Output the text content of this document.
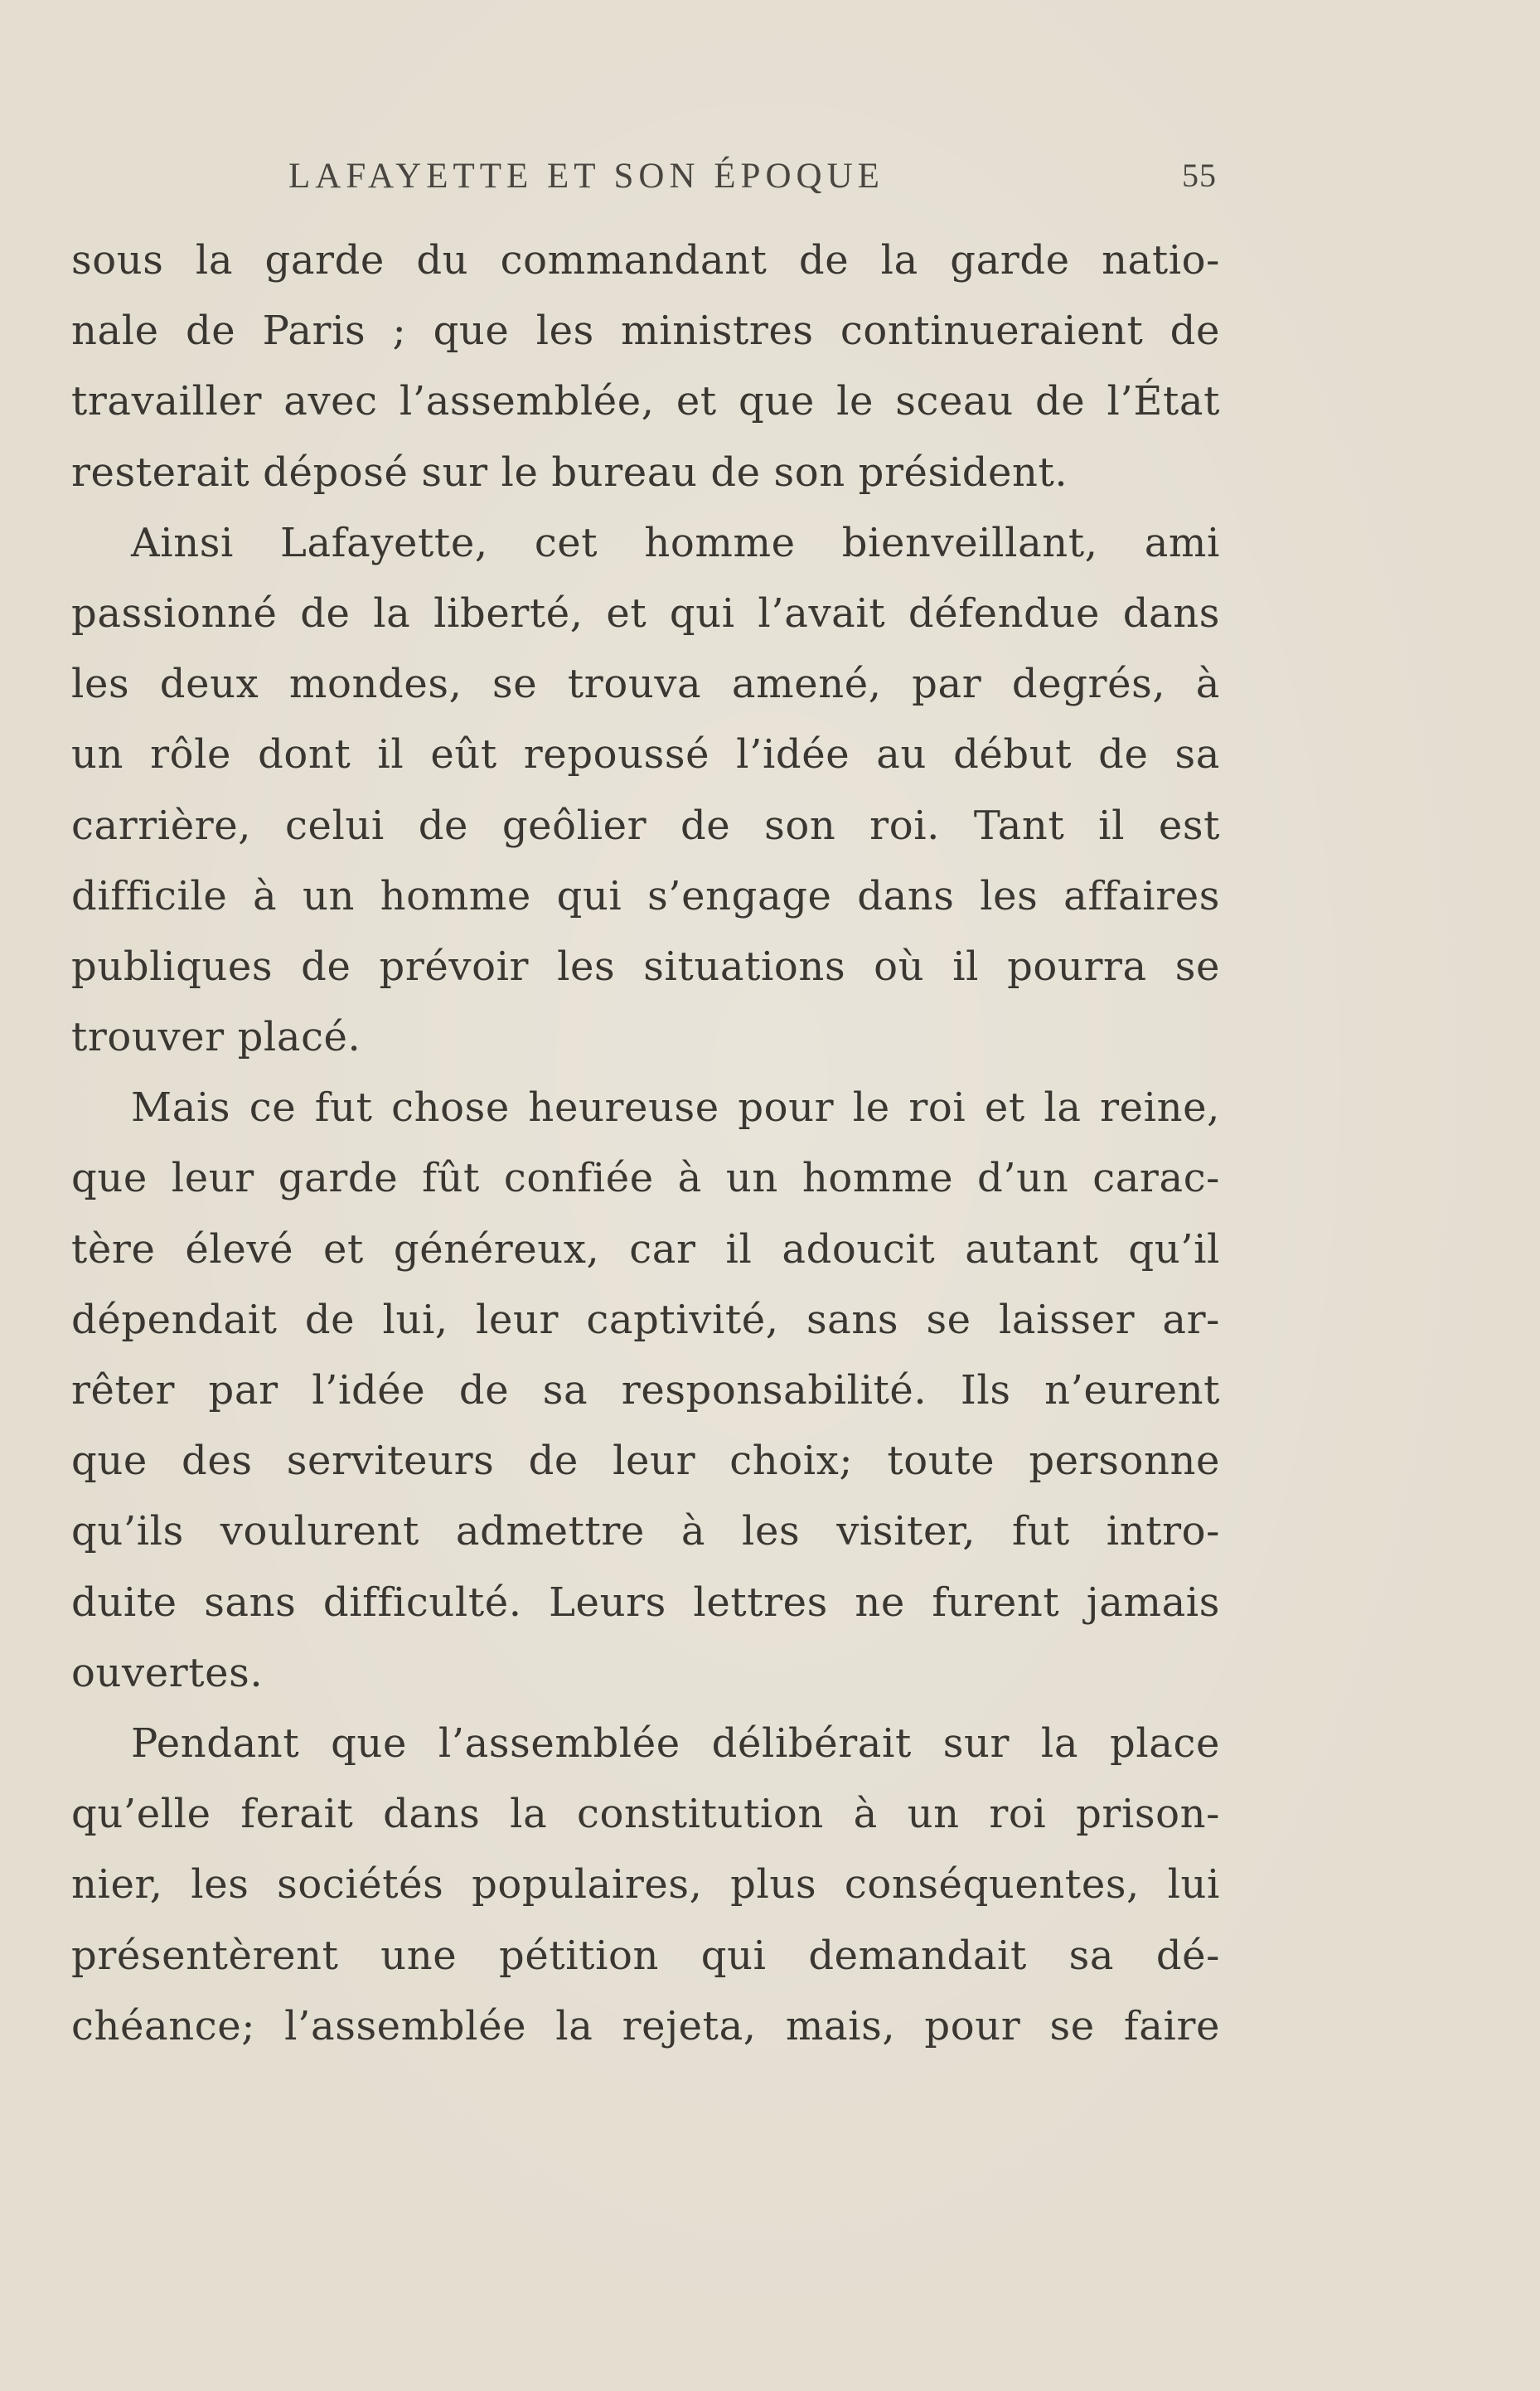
LAFAYETTE ET SON ÉPOQUE	55
sous la garde du commandant de la garde natio-
nale de Paris ; que les ministres continueraient de
travailler avec l’assemblée, et que le sceau de l’État
resterait déposé sur le bureau de son président.
Ainsi Lafayette, cet homme bienveillant, ami
passionné de la liberté, et qui l’avait défendue dans
les deux mondes, se trouva amené, par degrés, à
un rôle dont il eût repoussé l’idée au début de sa
carrière, celui de geôlier de son roi. Tant il est
difficile à un homme qui s’engage dans les affaires
publiques de prévoir les situations où il pourra se
trouver placé.
Mais ce fut chose heureuse pour le roi et la reine,
que leur garde fût confiée à un homme d’un carac-
tère élevé et généreux, car il adoucit autant qu’il
dépendait de lui, leur captivité, sans se laisser ar-
rêter par l’idée de sa responsabilité. Ils n’eurent
que des serviteurs de leur choix; toute personne
qu’ils voulurent admettre à les visiter, fut intro-
duite sans difficulté. Leurs lettres ne furent jamais
ouvertes.
Pendant que l’assemblée délibérait sur la place
qu’elle ferait dans la constitution à un roi prison-
nier, les sociétés populaires, plus conséquentes, lui
présentèrent une pétition qui demandait sa dé-
chéance; l’assemblée la rejeta, mais, pour se faire
